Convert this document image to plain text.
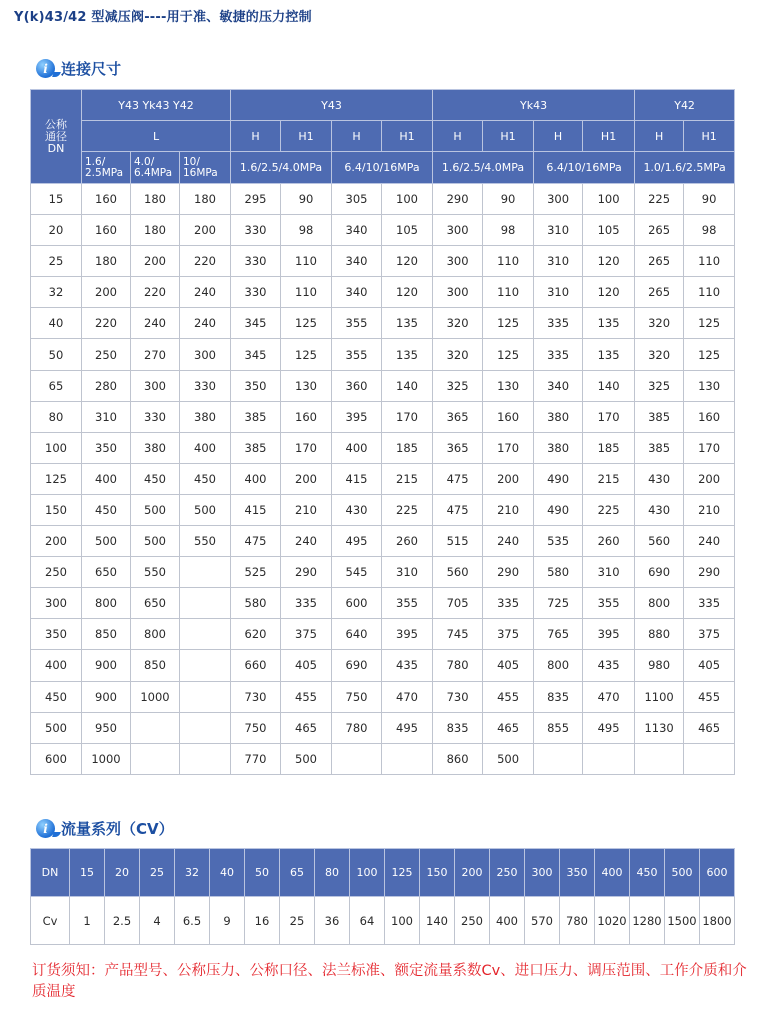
Y(k)43/42 型减压阀----用于准、敏捷的压力控制
i 连接尺寸
公称
通径
DN	Y43 Yk43 Y42			Y43				Yk43				Y42	
	L			H	H1	H	H1	H	H1	H	H1	H	H1
	1.6/
2.5MPa	4.0/
6.4MPa	10/
16MPa	1.6/2.5/4.0MPa		6.4/10/16MPa		1.6/2.5/4.0MPa		6.4/10/16MPa		1.0/1.6/2.5MPa	
15	160	180	180	295	90	305	100	290	90	300	100	225	90
20	160	180	200	330	98	340	105	300	98	310	105	265	98
25	180	200	220	330	110	340	120	300	110	310	120	265	110
32	200	220	240	330	110	340	120	300	110	310	120	265	110
40	220	240	240	345	125	355	135	320	125	335	135	320	125
50	250	270	300	345	125	355	135	320	125	335	135	320	125
65	280	300	330	350	130	360	140	325	130	340	140	325	130
80	310	330	380	385	160	395	170	365	160	380	170	385	160
100	350	380	400	385	170	400	185	365	170	380	185	385	170
125	400	450	450	400	200	415	215	475	200	490	215	430	200
150	450	500	500	415	210	430	225	475	210	490	225	430	210
200	500	500	550	475	240	495	260	515	240	535	260	560	240
250	650	550		525	290	545	310	560	290	580	310	690	290
300	800	650		580	335	600	355	705	335	725	355	800	335
350	850	800		620	375	640	395	745	375	765	395	880	375
400	900	850		660	405	690	435	780	405	800	435	980	405
450	900	1000		730	455	750	470	730	455	835	470	1100	455
500	950			750	465	780	495	835	465	855	495	1130	465
600	1000			770	500			860	500				
i 流量系列（CV）
DN	15	20	25	32	40	50	65	80	100	125	150	200	250	300	350	400	450	500	600
Cv	1	2.5	4	6.5	9	16	25	36	64	100	140	250	400	570	780	1020	1280	1500	1800
订货须知：产品型号、公称压力、公称口径、法兰标准、额定流量系数Cv、进口压力、调压范围、工作介质和介质温度
